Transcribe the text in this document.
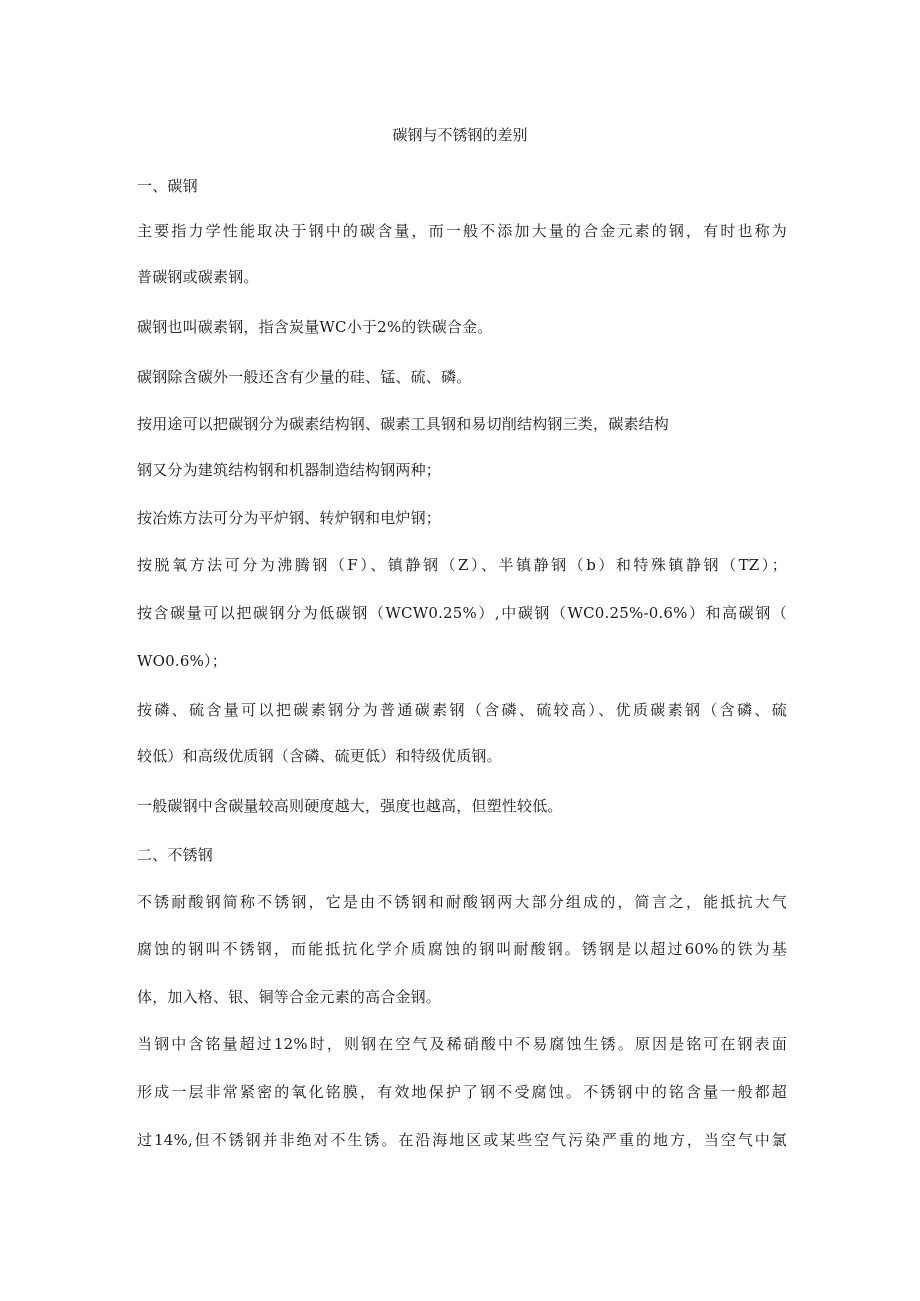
碳钢与不锈钢的差别
一、碳钢
主要指力学性能取决于钢中的碳含量，而一般不添加大量的合金元素的钢，有时也称为
普碳钢或碳素钢。
碳钢也叫碳素钢，指含炭量WC小于2%的铁碳合金。
碳钢除含碳外一般还含有少量的硅、锰、硫、磷。
按用途可以把碳钢分为碳素结构钢、碳素工具钢和易切削结构钢三类，碳素结构
钢又分为建筑结构钢和机器制造结构钢两种；
按冶炼方法可分为平炉钢、转炉钢和电炉钢；
按脱氧方法可分为沸腾钢（F）、镇静钢（Z）、半镇静钢（b）和特殊镇静钢（TZ）；
按含碳量可以把碳钢分为低碳钢（WCW0.25%）,中碳钢（WC0.25%-0.6%）和高碳钢（
WO0.6%）；
按磷、硫含量可以把碳素钢分为普通碳素钢（含磷、硫较高）、优质碳素钢（含磷、硫
较低）和高级优质钢（含磷、硫更低）和特级优质钢。
一般碳钢中含碳量较高则硬度越大，强度也越高，但塑性较低。
二、不锈钢
不锈耐酸钢简称不锈钢，它是由不锈钢和耐酸钢两大部分组成的，简言之，能抵抗大气
腐蚀的钢叫不锈钢，而能抵抗化学介质腐蚀的钢叫耐酸钢。锈钢是以超过60%的铁为基
体，加入格、银、铜等合金元素的高合金钢。
当钢中含铭量超过12%时，则钢在空气及稀硝酸中不易腐蚀生锈。原因是铭可在钢表面
形成一层非常紧密的氧化铭膜，有效地保护了钢不受腐蚀。不锈钢中的铭含量一般都超
过14%,但不锈钢并非绝对不生锈。在沿海地区或某些空气污染严重的地方，当空气中氯
